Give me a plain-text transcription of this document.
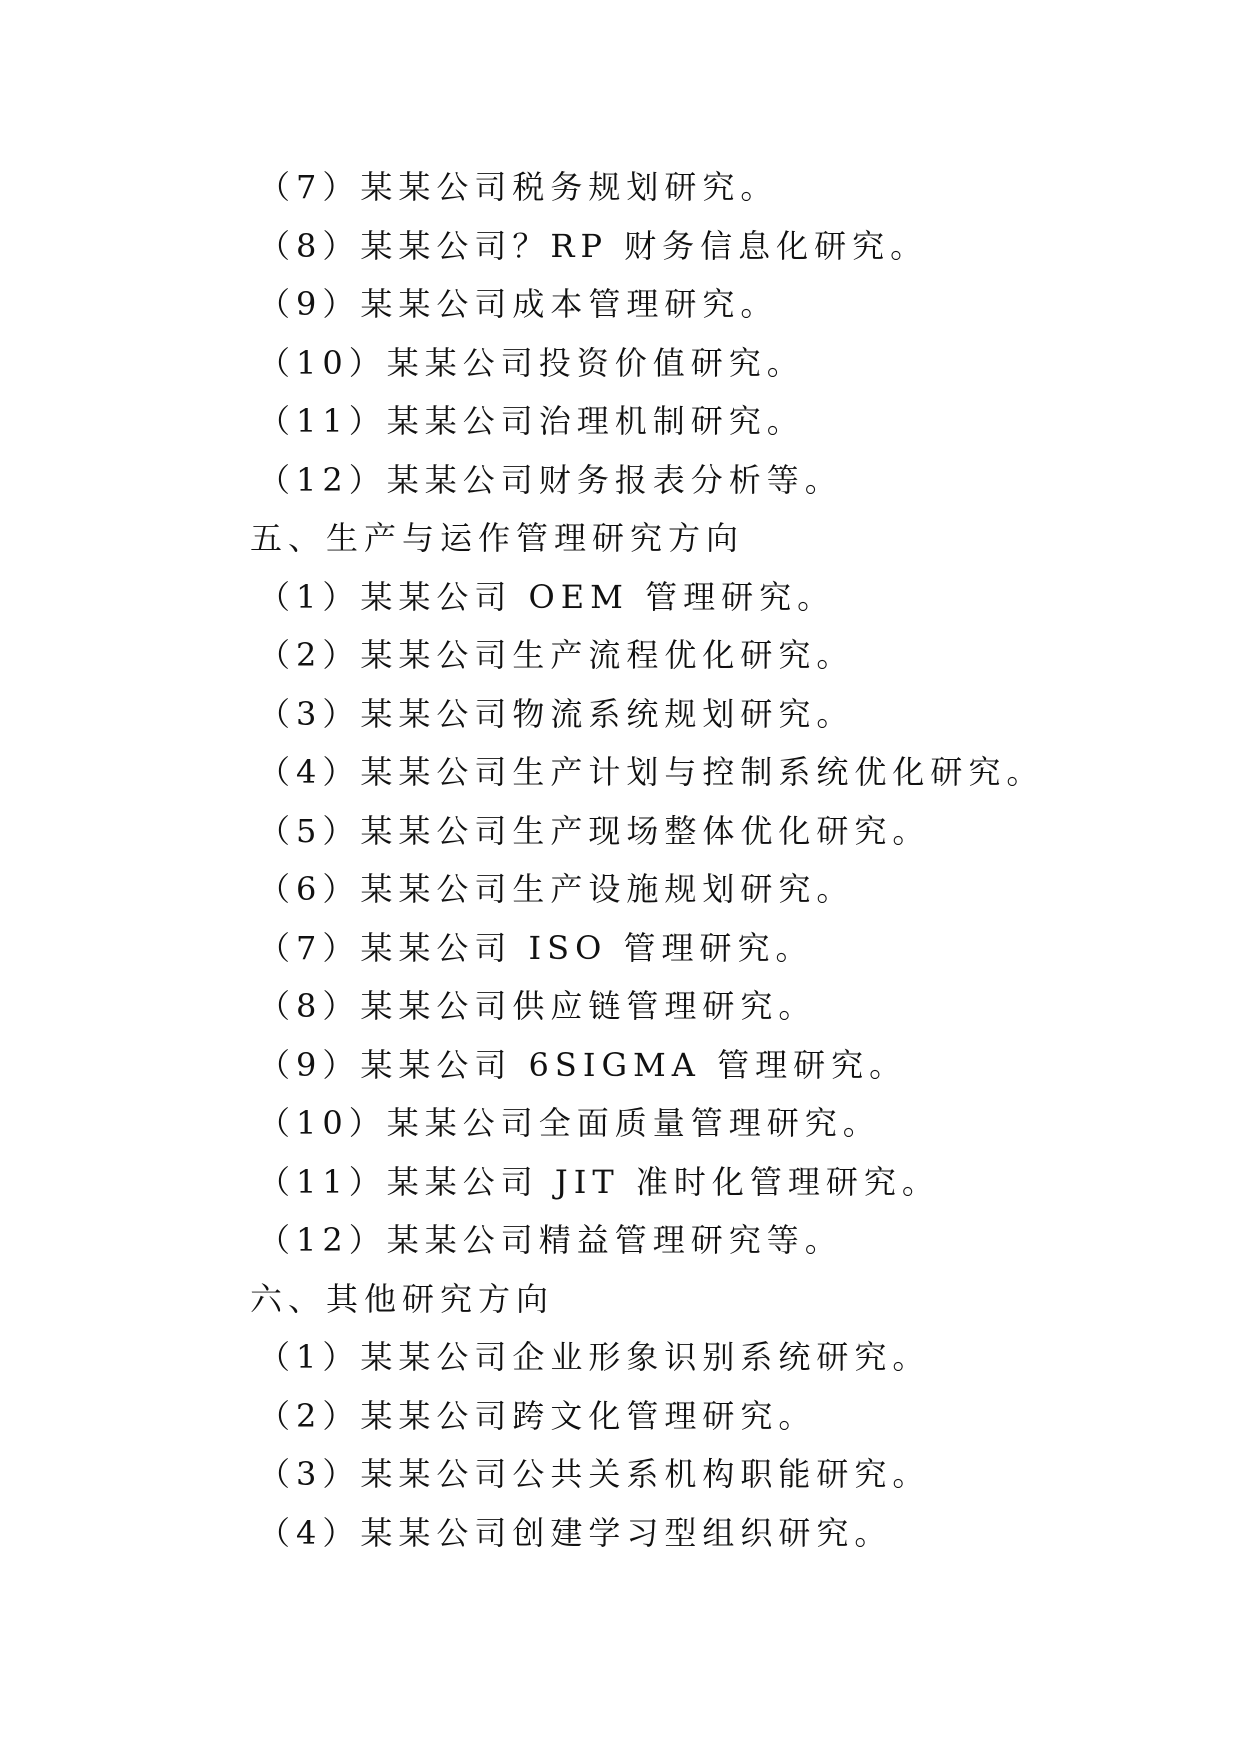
（7）某某公司税务规划研究。
（8）某某公司？RP 财务信息化研究。
（9）某某公司成本管理研究。
（10）某某公司投资价值研究。
（11）某某公司治理机制研究。
（12）某某公司财务报表分析等。
五、生产与运作管理研究方向
（1）某某公司 OEM 管理研究。
（2）某某公司生产流程优化研究。
（3）某某公司物流系统规划研究。
（4）某某公司生产计划与控制系统优化研究。
（5）某某公司生产现场整体优化研究。
（6）某某公司生产设施规划研究。
（7）某某公司 ISO 管理研究。
（8）某某公司供应链管理研究。
（9）某某公司 6SIGMA 管理研究。
（10）某某公司全面质量管理研究。
（11）某某公司 JIT 准时化管理研究。
（12）某某公司精益管理研究等。
六、其他研究方向
（1）某某公司企业形象识别系统研究。
（2）某某公司跨文化管理研究。
（3）某某公司公共关系机构职能研究。
（4）某某公司创建学习型组织研究。
